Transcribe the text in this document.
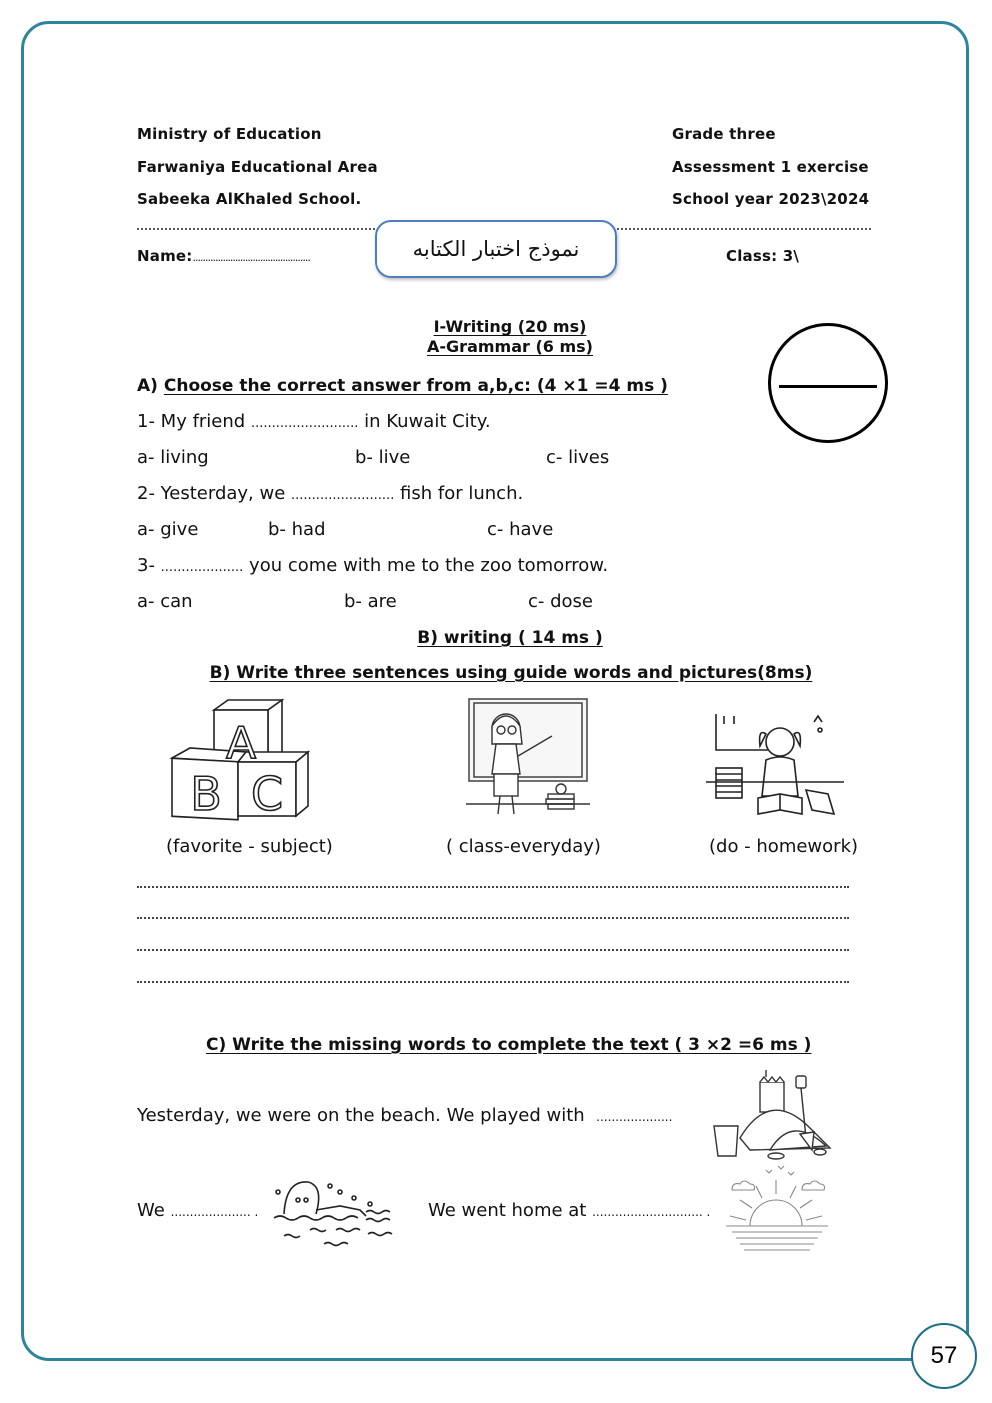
Ministry of Education
Farwaniya Educational Area
Sabeeka AlKhaled School.
Grade three
Assessment 1 exercise
School year 2023\2024
Name:...............................................	Class: 3\
نموذج اختبار الكتابه
I-Writing (20 ms)
A-Grammar (6 ms)
A) Choose the correct answer from a,b,c: (4 ×1 =4 ms )
1- My friend .......................... in Kuwait City.
a- living	b- live	c- lives
2- Yesterday, we ......................... fish for lunch.
a- give	b- had	c- have
3- .................... you come with me to the zoo tomorrow.
a- can	b- are	c- dose
B) writing ( 14 ms )
B) Write three sentences using guide words and pictures(8ms)
A
B C
(favorite - subject)	( class-everyday)	(do - homework)
C) Write the missing words to complete the text ( 3 ×2 =6 ms )
Yesterday, we were on the beach. We played with ....................
We ..................... .	We went home at ............................. .
57
